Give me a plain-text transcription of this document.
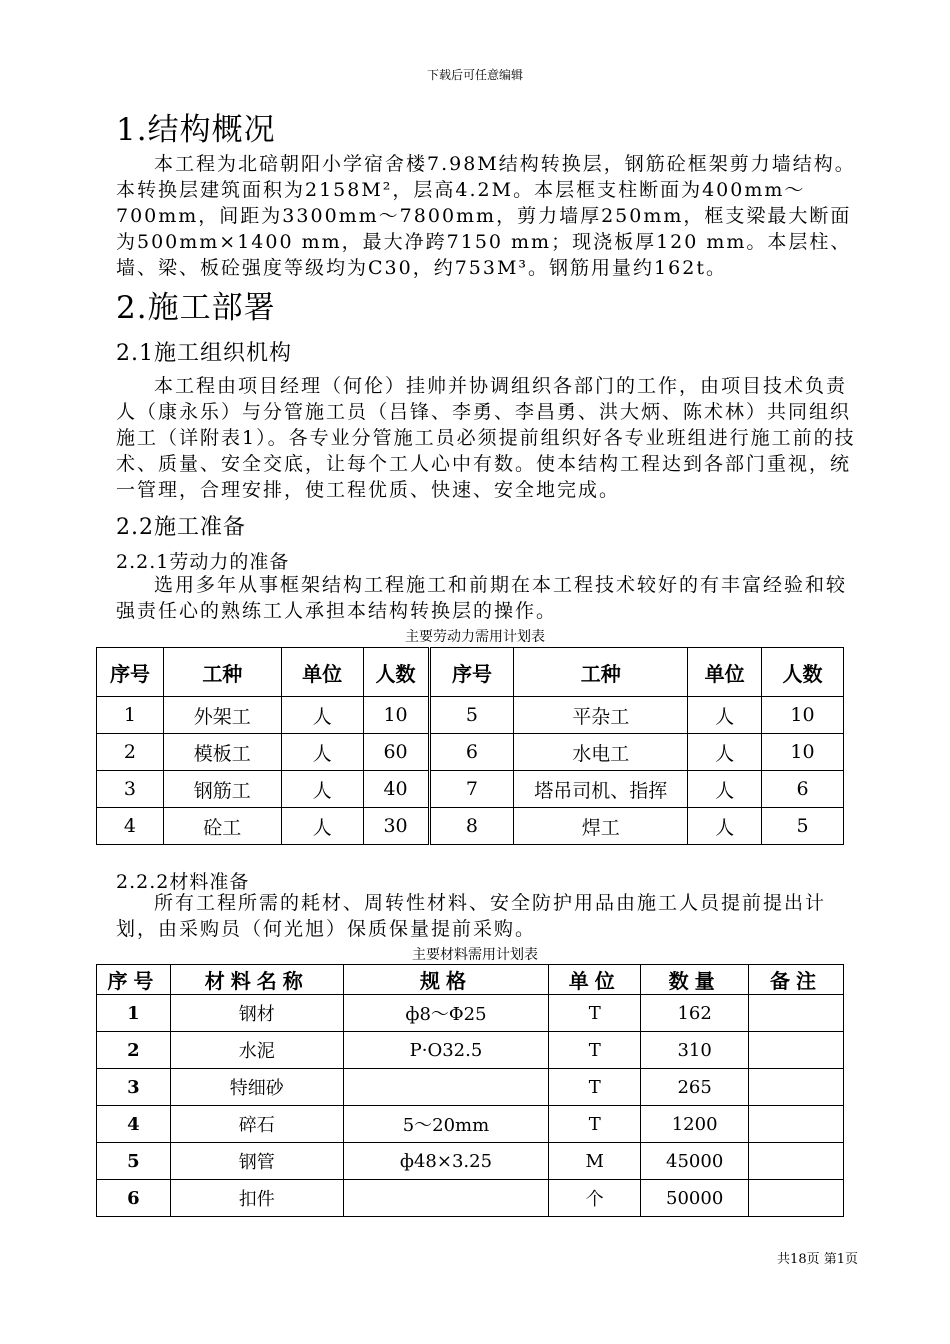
下载后可任意编辑
1.结构概况

本工程为北碚朝阳小学宿舍楼7.98M结构转换层，钢筋砼框架剪力墙结构。本转换层建筑面积为2158M²，层高4.2M。本层框支柱断面为400mm～700mm，间距为3300mm～7800mm，剪力墙厚250mm，框支梁最大断面为500mm×1400 mm，最大净跨7150 mm；现浇板厚120 mm。本层柱、墙、梁、板砼强度等级均为C30，约753M³。钢筋用量约162t。

2.施工部署
2.1施工组织机构

本工程由项目经理（何伦）挂帅并协调组织各部门的工作，由项目技术负责人（康永乐）与分管施工员（吕锋、李勇、李昌勇、洪大炳、陈术林）共同组织施工（详附表1）。各专业分管施工员必须提前组织好各专业班组进行施工前的技术、质量、安全交底，让每个工人心中有数。使本结构工程达到各部门重视，统一管理，合理安排，使工程优质、快速、安全地完成。

2.2施工准备
2.2.1劳动力的准备

选用多年从事框架结构工程施工和前期在本工程技术较好的有丰富经验和较强责任心的熟练工人承担本结构转换层的操作。

主要劳动力需用计划表
序号	工种	单位	人数	序号	工种	单位	人数
1	外架工	人	10	5	平杂工	人	10
2	模板工	人	60	6	水电工	人	10
3	钢筋工	人	40	7	塔吊司机、指挥	人	6
4	砼工	人	30	8	焊工	人	5
2.2.2材料准备

所有工程所需的耗材、周转性材料、安全防护用品由施工人员提前提出计划，由采购员（何光旭）保质保量提前采购。

主要材料需用计划表
序号	材料名称	规格	单位	数量	备注
1	钢材	ф8～Φ25	T	162	
2	水泥	P·O32.5	T	310	
3	特细砂		T	265	
4	碎石	5～20mm	T	1200	
5	钢管	ф48×3.25	M	45000	
6	扣件		个	50000	
共18页 第1页
